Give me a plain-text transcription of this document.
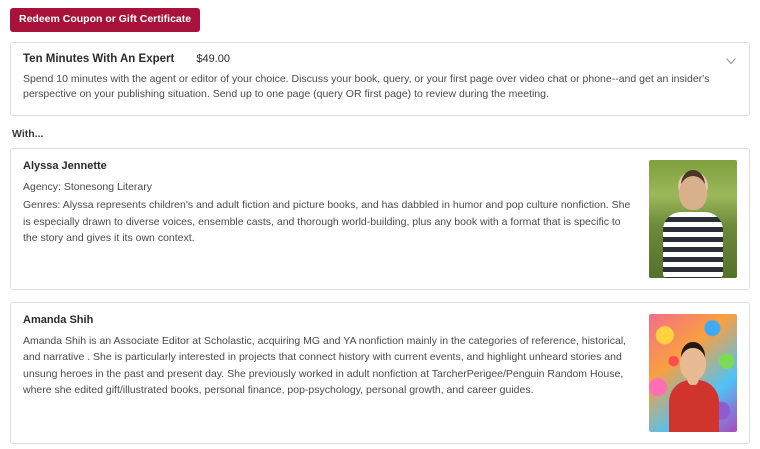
Redeem Coupon or Gift Certificate
Ten Minutes With An Expert $49.00
Spend 10 minutes with the agent or editor of your choice. Discuss your book, query, or your first page over video chat or phone--and get an insider's perspective on your publishing situation. Send up to one page (query OR first page) to review during the meeting.
With...
Alyssa Jennette
Agency: Stonesong Literary
Genres: Alyssa represents children's and adult fiction and picture books, and has dabbled in humor and pop culture nonfiction. She is especially drawn to diverse voices, ensemble casts, and thorough world-building, plus any book with a format that is specific to the story and gives it its own context.
Amanda Shih
Amanda Shih is an Associate Editor at Scholastic, acquiring MG and YA nonfiction mainly in the categories of reference, historical, and narrative . She is particularly interested in projects that connect history with current events, and highlight unheard stories and unsung heroes in the past and present day. She previously worked in adult nonfiction at TarcherPerigee/Penguin Random House, where she edited gift/illustrated books, personal finance, pop-psychology, personal growth, and career guides.
